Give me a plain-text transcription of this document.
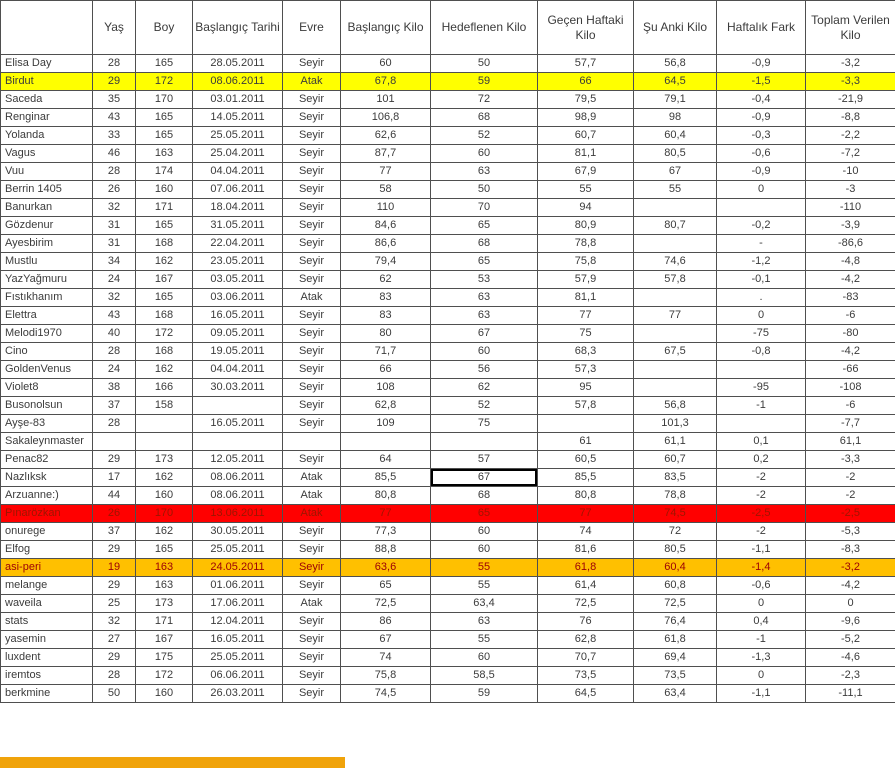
	Yaş	Boy	Başlangıç Tarihi	Evre	Başlangıç Kilo	Hedeflenen Kilo	Geçen Haftaki Kilo	Şu Anki Kilo	Haftalık Fark	Toplam Verilen Kilo
Elisa Day	28	165	28.05.2011	Seyir	60	50	57,7	56,8	-0,9	-3,2
Birdut	29	172	08.06.2011	Atak	67,8	59	66	64,5	-1,5	-3,3
Saceda	35	170	03.01.2011	Seyir	101	72	79,5	79,1	-0,4	-21,9
Renginar	43	165	14.05.2011	Seyir	106,8	68	98,9	98	-0,9	-8,8
Yolanda	33	165	25.05.2011	Seyir	62,6	52	60,7	60,4	-0,3	-2,2
Vagus	46	163	25.04.2011	Seyir	87,7	60	81,1	80,5	-0,6	-7,2
Vuu	28	174	04.04.2011	Seyir	77	63	67,9	67	-0,9	-10
Berrin 1405	26	160	07.06.2011	Seyir	58	50	55	55	0	-3
Banurkan	32	171	18.04.2011	Seyir	110	70	94			-110
Gözdenur	31	165	31.05.2011	Seyir	84,6	65	80,9	80,7	-0,2	-3,9
Ayesbirim	31	168	22.04.2011	Seyir	86,6	68	78,8		-	-86,6
Mustlu	34	162	23.05.2011	Seyir	79,4	65	75,8	74,6	-1,2	-4,8
YazYağmuru	24	167	03.05.2011	Seyir	62	53	57,9	57,8	-0,1	-4,2
Fıstıkhanım	32	165	03.06.2011	Atak	83	63	81,1		.	-83
Elettra	43	168	16.05.2011	Seyir	83	63	77	77	0	-6
Melodi1970	40	172	09.05.2011	Seyir	80	67	75		-75	-80
Cino	28	168	19.05.2011	Seyir	71,7	60	68,3	67,5	-0,8	-4,2
GoldenVenus	24	162	04.04.2011	Seyir	66	56	57,3			-66
Violet8	38	166	30.03.2011	Seyir	108	62	95		-95	-108
Busonolsun	37	158		Seyir	62,8	52	57,8	56,8	-1	-6
Ayşe-83	28		16.05.2011	Seyir	109	75		101,3		-7,7
Sakaleynmaster							61	61,1	0,1	61,1
Penac82	29	173	12.05.2011	Seyir	64	57	60,5	60,7	0,2	-3,3
Nazlıksk	17	162	08.06.2011	Atak	85,5	67	85,5	83,5	-2	-2
Arzuanne:)	44	160	08.06.2011	Atak	80,8	68	80,8	78,8	-2	-2
Pınarözkan	26	170	13.06.2011	Atak	77	65	77	74,5	-2,5	-2,5
onurege	37	162	30.05.2011	Seyir	77,3	60	74	72	-2	-5,3
Elfog	29	165	25.05.2011	Seyir	88,8	60	81,6	80,5	-1,1	-8,3
asi-peri	19	163	24.05.2011	Seyir	63,6	55	61,8	60,4	-1,4	-3,2
melange	29	163	01.06.2011	Seyir	65	55	61,4	60,8	-0,6	-4,2
waveila	25	173	17.06.2011	Atak	72,5	63,4	72,5	72,5	0	0
stats	32	171	12.04.2011	Seyir	86	63	76	76,4	0,4	-9,6
yasemin	27	167	16.05.2011	Seyir	67	55	62,8	61,8	-1	-5,2
luxdent	29	175	25.05.2011	Seyir	74	60	70,7	69,4	-1,3	-4,6
iremtos	28	172	06.06.2011	Seyir	75,8	58,5	73,5	73,5	0	-2,3
berkmine	50	160	26.03.2011	Seyir	74,5	59	64,5	63,4	-1,1	-11,1
